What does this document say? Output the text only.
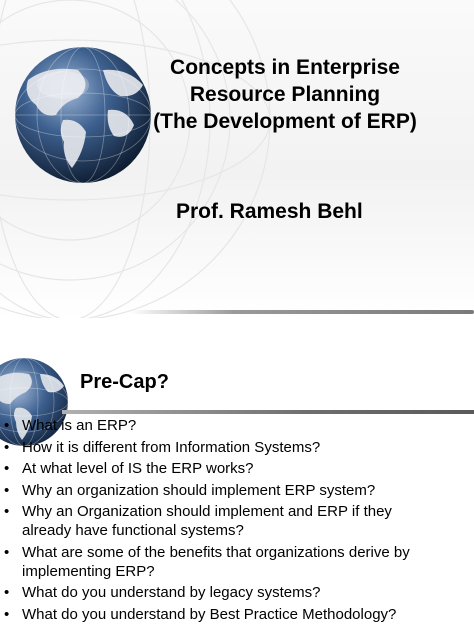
Concepts in Enterprise
Resource Planning
(The Development of ERP)
Prof. Ramesh Behl
Pre-Cap?
• What is an ERP?
• How it is different from Information Systems?
• At what level of IS the ERP works?
• Why an organization should implement ERP system?
• Why an Organization should implement and ERP if they
already have functional systems?
• What are some of the benefits that organizations derive by
implementing ERP?
• What do you understand by legacy systems?
• What do you understand by Best Practice Methodology?
